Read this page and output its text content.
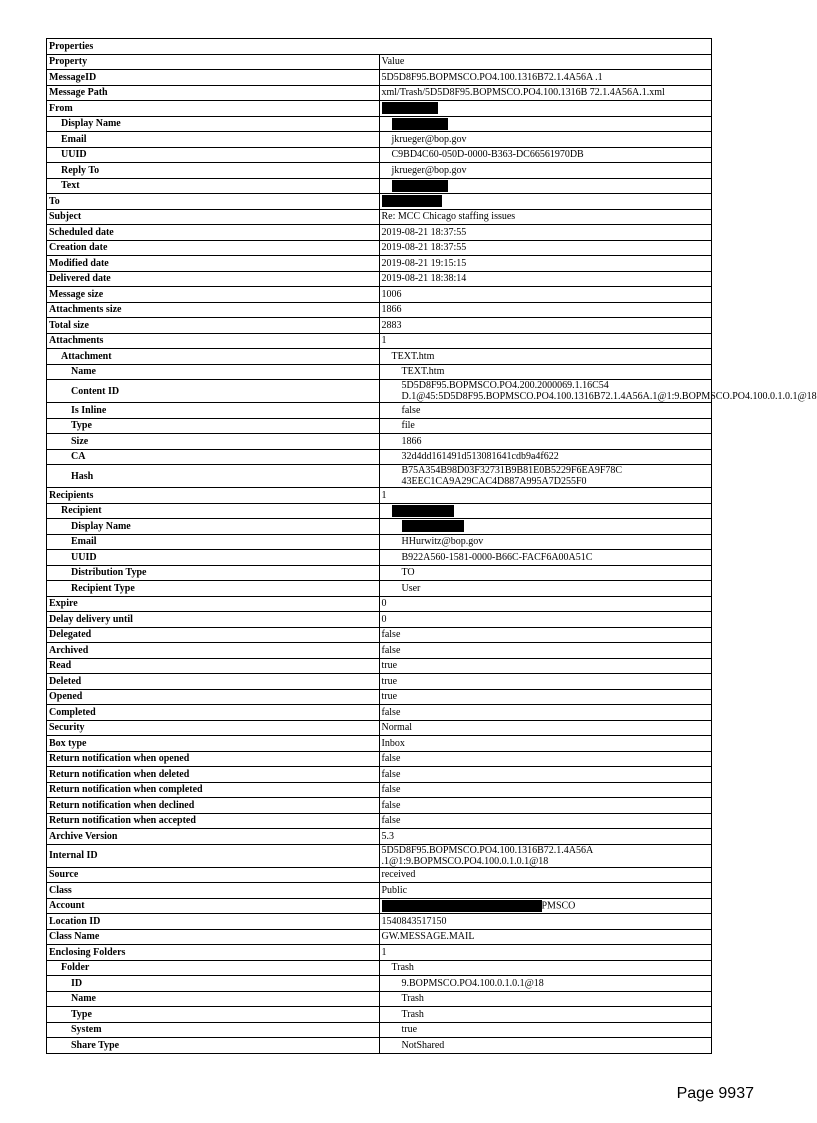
Properties	
Property	Value
MessageID	5D5D8F95.BOPMSCO.PO4.100.1316B72.1.4A56A .1
Message Path	xml/Trash/5D5D8F95.BOPMSCO.PO4.100.1316B 72.1.4A56A.1.xml
From	
Display Name	
Email	jkrueger@bop.gov
UUID	C9BD4C60-050D-0000-B363-DC66561970DB
Reply To	jkrueger@bop.gov
Text	
To	
Subject	Re: MCC Chicago staffing issues
Scheduled date	2019-08-21 18:37:55
Creation date	2019-08-21 18:37:55
Modified date	2019-08-21 19:15:15
Delivered date	2019-08-21 18:38:14
Message size	1006
Attachments size	1866
Total size	2883
Attachments	1
Attachment	TEXT.htm
Name	TEXT.htm
Content ID	5D5D8F95.BOPMSCO.PO4.200.2000069.1.16C54 D.1@45:5D5D8F95.BOPMSCO.PO4.100.1316B72.1.4A56A.1@1:9.BOPMSCO.PO4.100.0.1.0.1@18
Is Inline	false
Type	file
Size	1866
CA	32d4dd161491d513081641cdb9a4f622
Hash	B75A354B98D03F32731B9B81E0B5229F6EA9F78C 43EEC1CA9A29CAC4D887A995A7D255F0
Recipients	1
Recipient	
Display Name	
Email	HHurwitz@bop.gov
UUID	B922A560-1581-0000-B66C-FACF6A00A51C
Distribution Type	TO
Recipient Type	User
Expire	0
Delay delivery until	0
Delegated	false
Archived	false
Read	true
Deleted	true
Opened	true
Completed	false
Security	Normal
Box type	Inbox
Return notification when opened	false
Return notification when deleted	false
Return notification when completed	false
Return notification when declined	false
Return notification when accepted	false
Archive Version	5.3
Internal ID	5D5D8F95.BOPMSCO.PO4.100.1316B72.1.4A56A .1@1:9.BOPMSCO.PO4.100.0.1.0.1@18
Source	received
Class	Public
Account	PMSCO
Location ID	1540843517150
Class Name	GW.MESSAGE.MAIL
Enclosing Folders	1
Folder	Trash
ID	9.BOPMSCO.PO4.100.0.1.0.1@18
Name	Trash
Type	Trash
System	true
Share Type	NotShared
Page 9937
